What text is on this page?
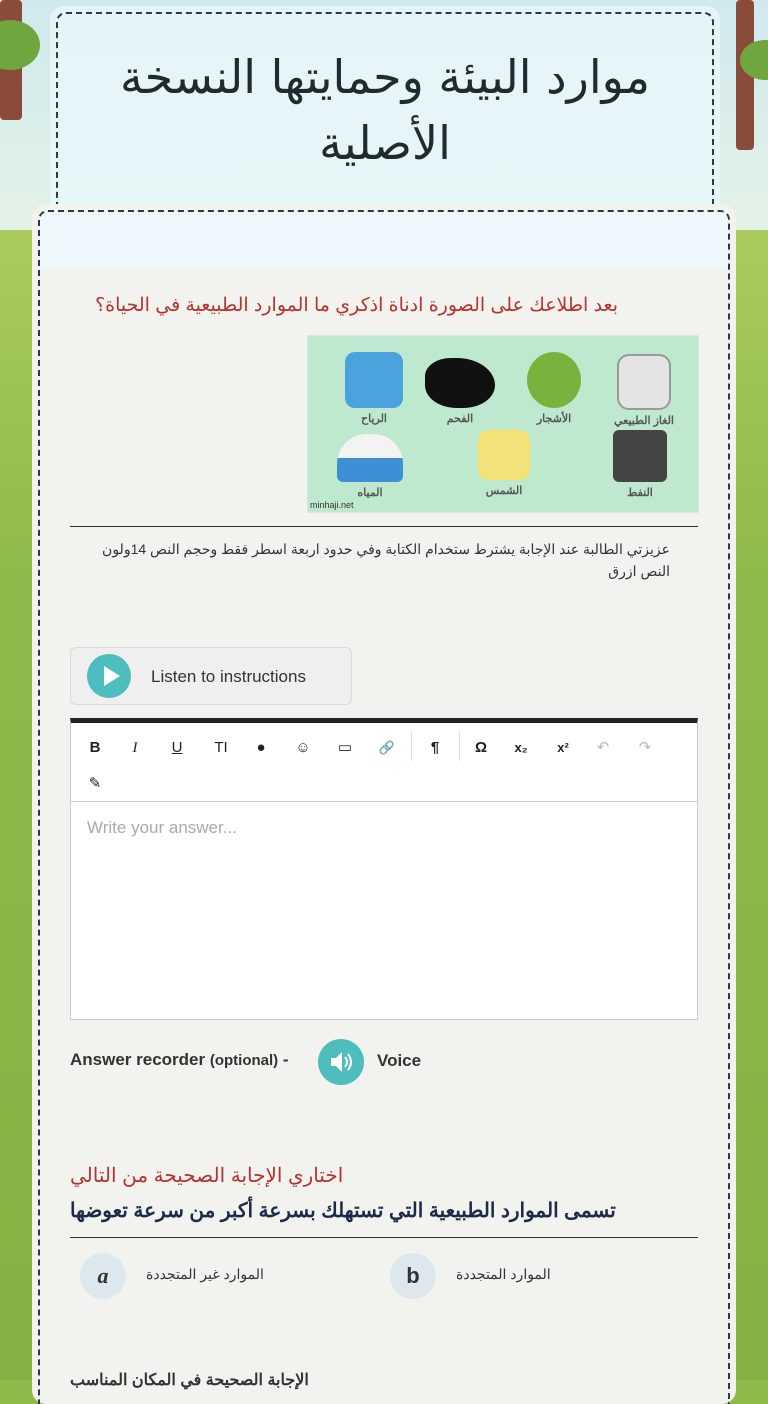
موارد البيئة وحمايتها النسخة الأصلية
بعد اطلاعك على الصورة ادناة اذكري ما الموارد الطبيعية في الحياة؟
الغاز الطبيعي
الأشجار
الفحم
الرياح
النفط
الشمس
المياه
minhaji.net
عزيزتي الطالبة عند الإجابة يشترط ستخدام الكتابة وفي حدود اربعة اسطر فقط وحجم النص 14ولون النص ازرق
Listen to instructions
B	I	U	TI	●	☺	▭	🔗	¶	Ω	x₂	x²	↶	↷
✎
Write your answer...
Answer recorder (optional) -	Voice
اختاري الإجابة الصحيحة من التالي
تسمى الموارد الطبيعية التي تستهلك بسرعة أكبر من سرعة تعوضها
a	الموارد غير المتجددة	b	الموارد المتجددة
الإجابة الصحيحة في المكان المناسب
